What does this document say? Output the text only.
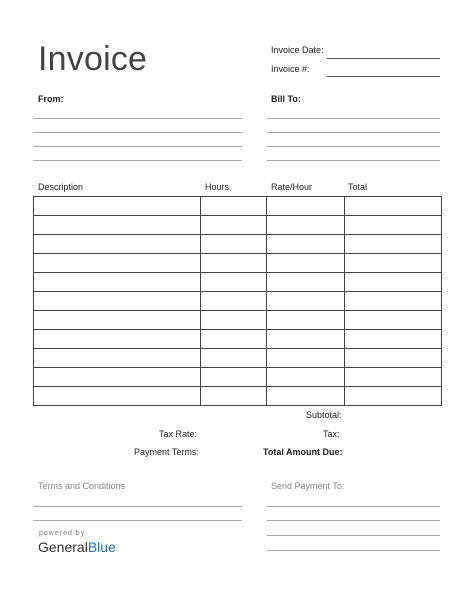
Invoice	Invoice Date:
Invoice #:
From:	Bill To:
Description	Hours	Rate/Hour	Total

Subtotal:
Tax Rate:	Tax:
Payment Terms:	Total Amount Due:
Terms and Conditions	Send Payment To:
powered by
GeneralBlue
